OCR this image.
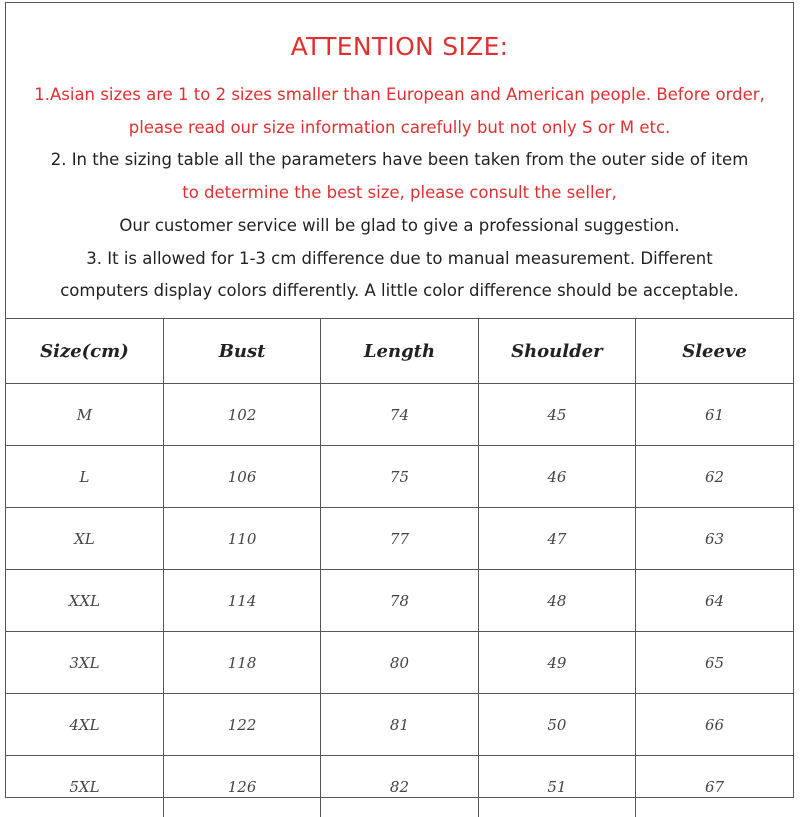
ATTENTION SIZE:
1.Asian sizes are 1 to 2 sizes smaller than European and American people. Before order,
please read our size information carefully but not only S or M etc.
2. In the sizing table all the parameters have been taken from the outer side of item
to determine the best size, please consult the seller,
Our customer service will be glad to give a professional suggestion.
3. It is allowed for 1-3 cm difference due to manual measurement. Different
computers display colors differently. A little color difference should be acceptable.
Size(cm)	Bust	Length	Shoulder	Sleeve
M	102	74	45	61
L	106	75	46	62
XL	110	77	47	63
XXL	114	78	48	64
3XL	118	80	49	65
4XL	122	81	50	66
5XL	126	82	51	67
